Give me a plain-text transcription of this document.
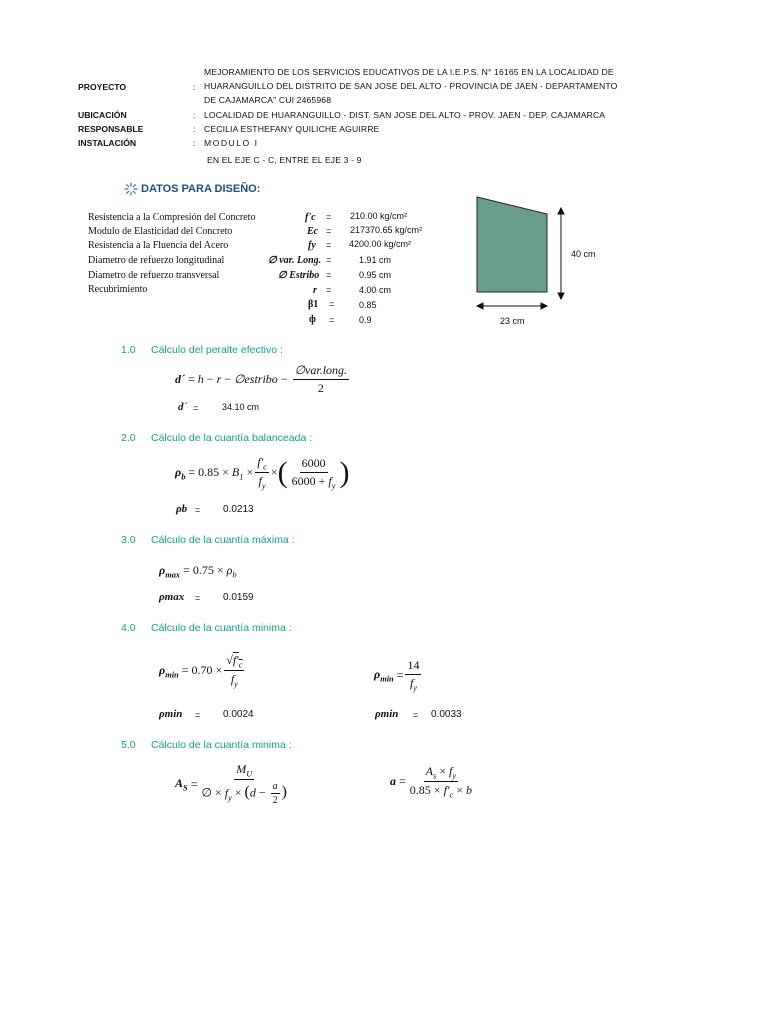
MEJORAMIENTO DE LOS SERVICIOS EDUCATIVOS DE LA I.E.P.S. N° 16165 EN LA LOCALIDAD DE
PROYECTO	: HUARANGUILLO DEL DISTRITO DE SAN JOSE DEL ALTO - PROVINCIA DE JAEN - DEPARTAMENTO
DE CAJAMARCA" CUI 2465968
UBICACIÓN	: LOCALIDAD DE HUARANGUILLO - DIST. SAN JOSE DEL ALTO - PROV. JAEN - DEP. CAJAMARCA
RESPONSABLE	: CECILIA ESTHEFANY QUILICHE AGUIRRE
INSTALACIÓN	: MODULO I
EN EL EJE C - C, ENTRE EL EJE 3 - 9
DATOS PARA DISEÑO:
Resistencia a la Compresión del Concreto	f'c = 210.00 kg/cm²
Modulo de Elasticidad del Concreto	Ec = 217370.65 kg/cm²
Resistencia a la Fluencia del Acero	fy = 4200.00 kg/cm²
Diametro de refuerzo longitudinal	∅ var. Long. =	1.91 cm
Diametro de refuerzo transversal	∅ Estribo =	0.95 cm
Recubrimiento	r =	4.00 cm
β1 =	0.85
ф =	0.9
40 cm
23 cm
1.0 Cálculo del peralte efectivo :
d´ = h − r − ∅estribo − $\frac{\text{∅var.long.}}{2}$
d´ =	34.10 cm
2.0 Cálculo de la cuantía balanceada :
$\rho_b = 0.85 \times B_1 \times \frac{f'_c}{f_y}$ × ( $\frac{6000}{6000 + f_y}$ )
ρb = 0.0213
3.0 Cálculo de la cuantía máxima :
$\rho_{max} = 0.75 \times \rho_b$
ρmax = 0.0159
4.0 Cálculo de la cuantía minima :
$\rho_{min} = 0.70 \times \frac{√f'_c}{f_y}$	$\rho_{min} = \frac{14}{f_y}$
ρmin = 0.0024	ρmin = 0.0033
5.0 Cálculo de la cuantía minima :
$A_S = \frac{M_U}{\emptyset \times f_y \times (d - \frac{a}{2} )}$	$a = \frac{A_s \times f_y}{0.85 \times f'_c \times b}$
